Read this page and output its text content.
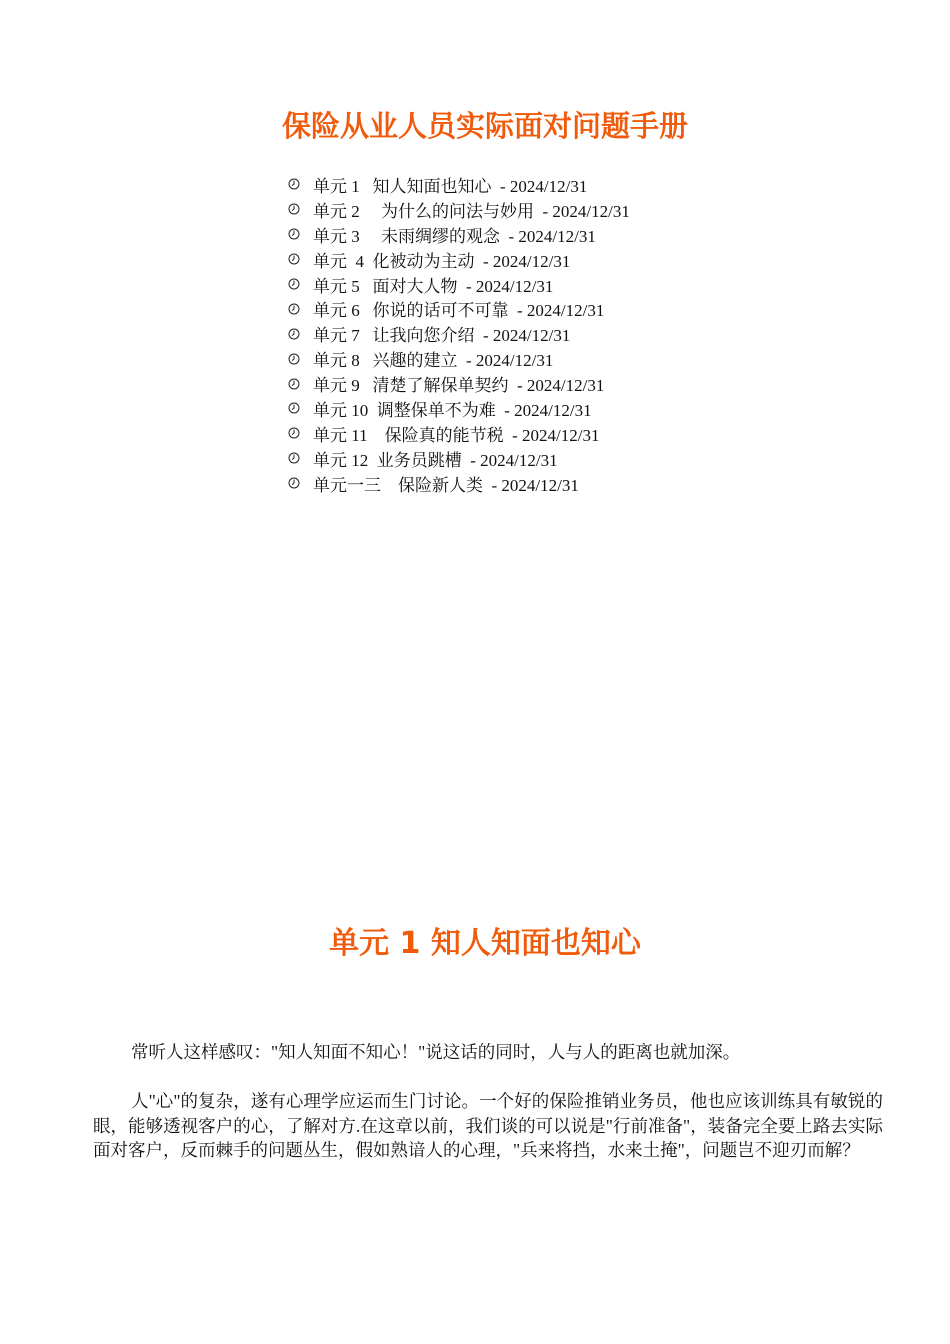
保险从业人员实际面对问题手册
单元 1   知人知面也知心  - 2024/12/31
单元 2     为什么的问法与妙用  - 2024/12/31
单元 3     未雨绸缪的观念  - 2024/12/31
单元  4  化被动为主动  - 2024/12/31
单元 5   面对大人物  - 2024/12/31
单元 6   你说的话可不可靠  - 2024/12/31
单元 7   让我向您介绍  - 2024/12/31
单元 8   兴趣的建立  - 2024/12/31
单元 9   清楚了解保单契约  - 2024/12/31
单元 10  调整保单不为难  - 2024/12/31
单元 11    保险真的能节税  - 2024/12/31
单元 12  业务员跳槽  - 2024/12/31
单元一三    保险新人类  - 2024/12/31
单元 1 知人知面也知心

常听人这样感叹："知人知面不知心！"说这话的同时，人与人的距离也就加深。

人"心"的复杂，遂有心理学应运而生门讨论。一个好的保险推销业务员，他也应该训练具有敏锐的眼，能够透视客户的心，了解对方.在这章以前，我们谈的可以说是"行前准备"，装备完全要上路去实际面对客户，反而棘手的问题丛生，假如熟谙人的心理，"兵来将挡，水来土掩"，问题岂不迎刃而解？
